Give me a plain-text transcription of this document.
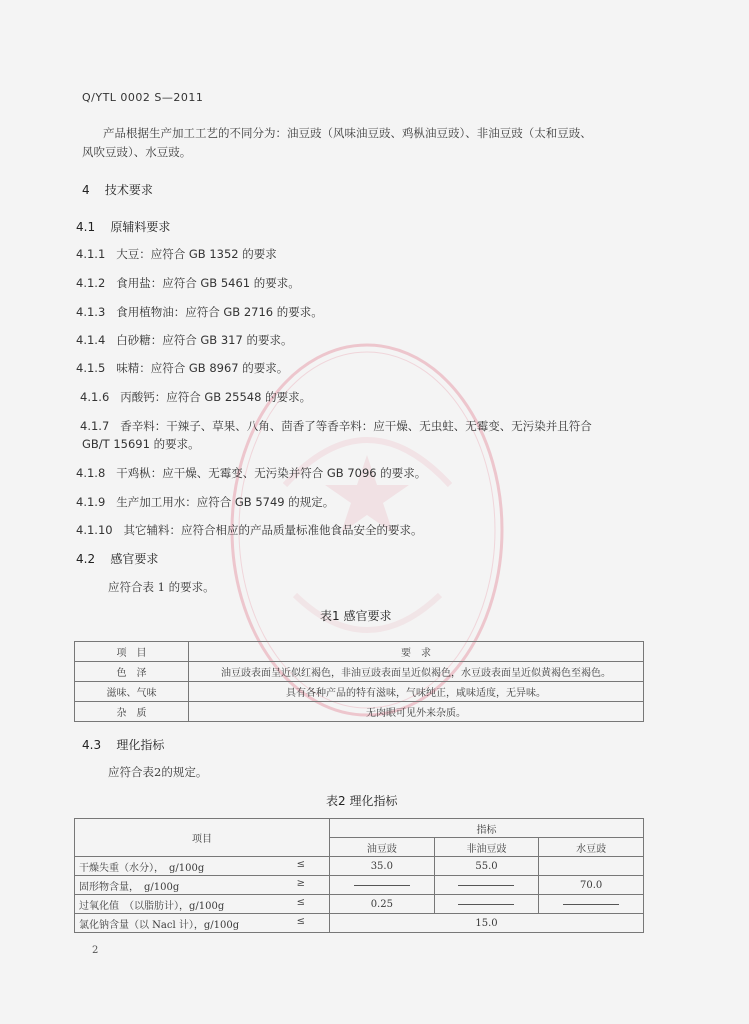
Q/YTL 0002 S—2011
产品根据生产加工工艺的不同分为：油豆豉（风味油豆豉、鸡枞油豆豉）、非油豆豉（太和豆豉、
风吹豆豉）、水豆豉。
4 技术要求
4.1 原辅料要求
4.1.1 大豆：应符合 GB 1352 的要求
4.1.2 食用盐：应符合 GB 5461 的要求。
4.1.3 食用植物油：应符合 GB 2716 的要求。
4.1.4 白砂糖：应符合 GB 317 的要求。
4.1.5 味精：应符合 GB 8967 的要求。
4.1.6 丙酸钙：应符合 GB 25548 的要求。
4.1.7 香辛料：干辣子、草果、八角、茴香了等香辛料：应干燥、无虫蛀、无霉变、无污染并且符合
GB/T 15691 的要求。
4.1.8 干鸡枞：应干燥、无霉变、无污染并符合 GB 7096 的要求。
4.1.9 生产加工用水：应符合 GB 5749 的规定。
4.1.10 其它辅料：应符合相应的产品质量标准他食品安全的要求。
4.2 感官要求
应符合表 1 的要求。
表1 感官要求
项　目	要　求
色　泽	油豆豉表面呈近似红褐色，非油豆豉表面呈近似褐色，水豆豉表面呈近似黄褐色至褐色。
滋味、气味	具有各种产品的特有滋味，气味纯正，咸味适度，无异味。
杂　质	无肉眼可见外来杂质。
4.3 理化指标
应符合表2的规定。
表2 理化指标
项目	指标		
	油豆豉	非油豆豉	水豆豉
干燥失重（水分），　g/100g ≤	35.0	55.0	
固形物含量，　g/100g ≥			70.0
过氧化值　（以脂肪计），g/100g ≤	0.25		
氯化钠含量（以 Nacl 计），g/100g ≤	15.0		
2
